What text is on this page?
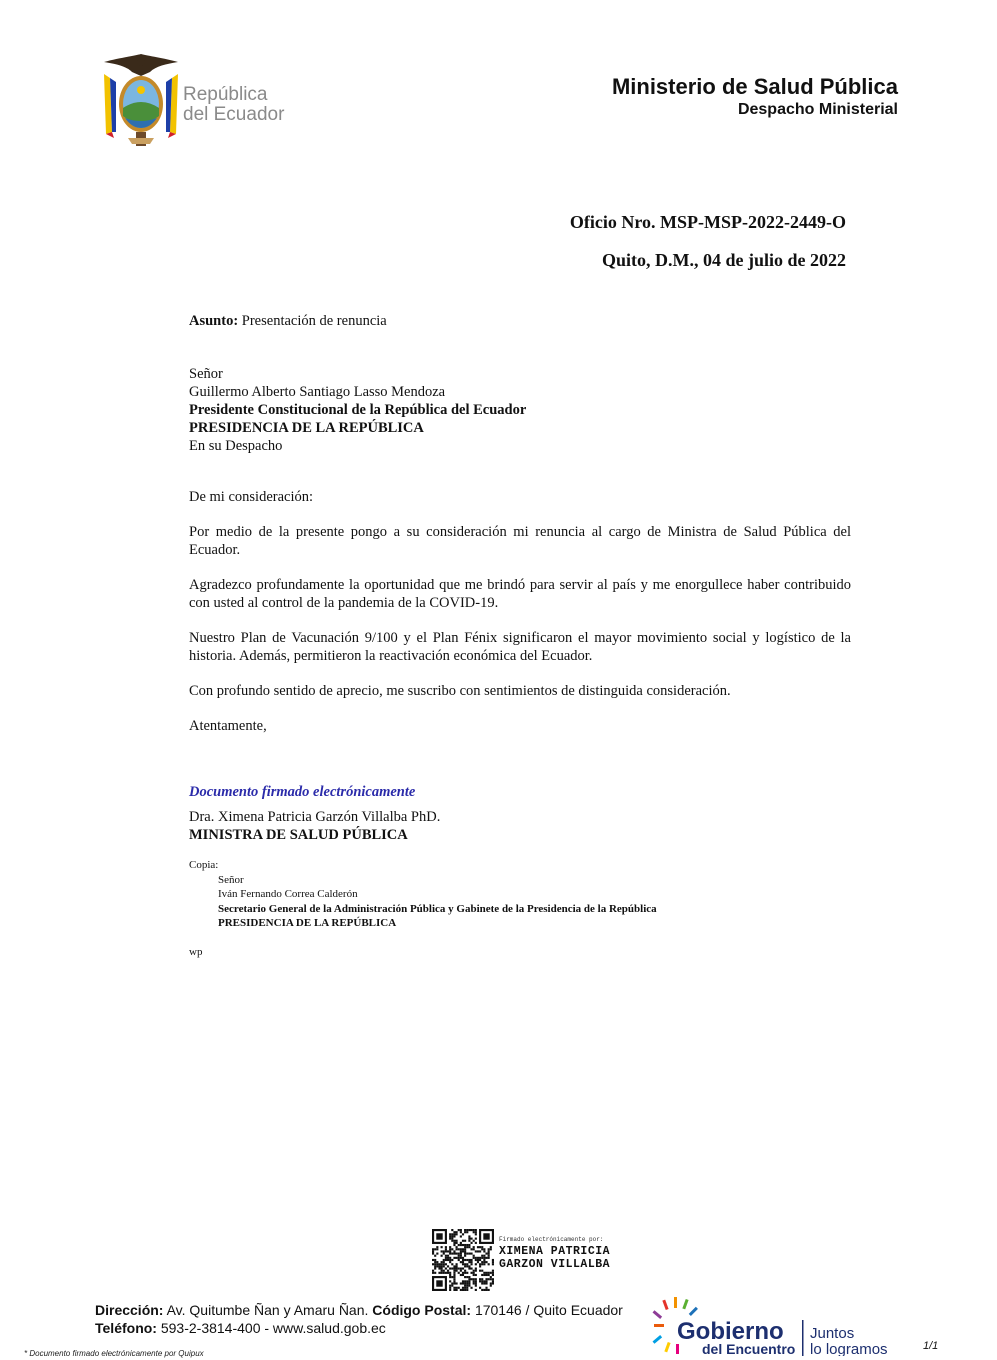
República
del Ecuador
Ministerio de Salud Pública
Despacho Ministerial
Oficio Nro. MSP-MSP-2022-2449-O
Quito, D.M., 04 de julio de 2022
Asunto: Presentación de renuncia
Señor
Guillermo Alberto Santiago Lasso Mendoza
Presidente Constitucional de la República del Ecuador
PRESIDENCIA DE LA REPÚBLICA
En su Despacho

De mi consideración:

Por medio de la presente pongo a su consideración mi renuncia al cargo de Ministra de Salud Pública del Ecuador.

Agradezco profundamente la oportunidad que me brindó para servir al país y me enorgullece haber contribuido con usted al control de la pandemia de la COVID-19.

Nuestro Plan de Vacunación 9/100 y el Plan Fénix significaron el mayor movimiento social y logístico de la historia. Además, permitieron la reactivación económica del Ecuador.

Con profundo sentido de aprecio, me suscribo con sentimientos de distinguida consideración.

Atentamente,

Documento firmado electrónicamente
Dra. Ximena Patricia Garzón Villalba PhD.
MINISTRA DE SALUD PÚBLICA
Copia:
Señor
Iván Fernando Correa Calderón
Secretario General de la Administración Pública y Gabinete de la Presidencia de la República
PRESIDENCIA DE LA REPÚBLICA
wp
Firmado electrónicamente por:
XIMENA PATRICIA
GARZON VILLALBA
Dirección: Av. Quitumbe Ñan y Amaru Ñan. Código Postal: 170146 / Quito Ecuador
Teléfono: 593-2-3814-400 - www.salud.gob.ec	Gobierno
del Encuentro
Juntos
lo logramos	1/1
* Documento firmado electrónicamente por Quipux
